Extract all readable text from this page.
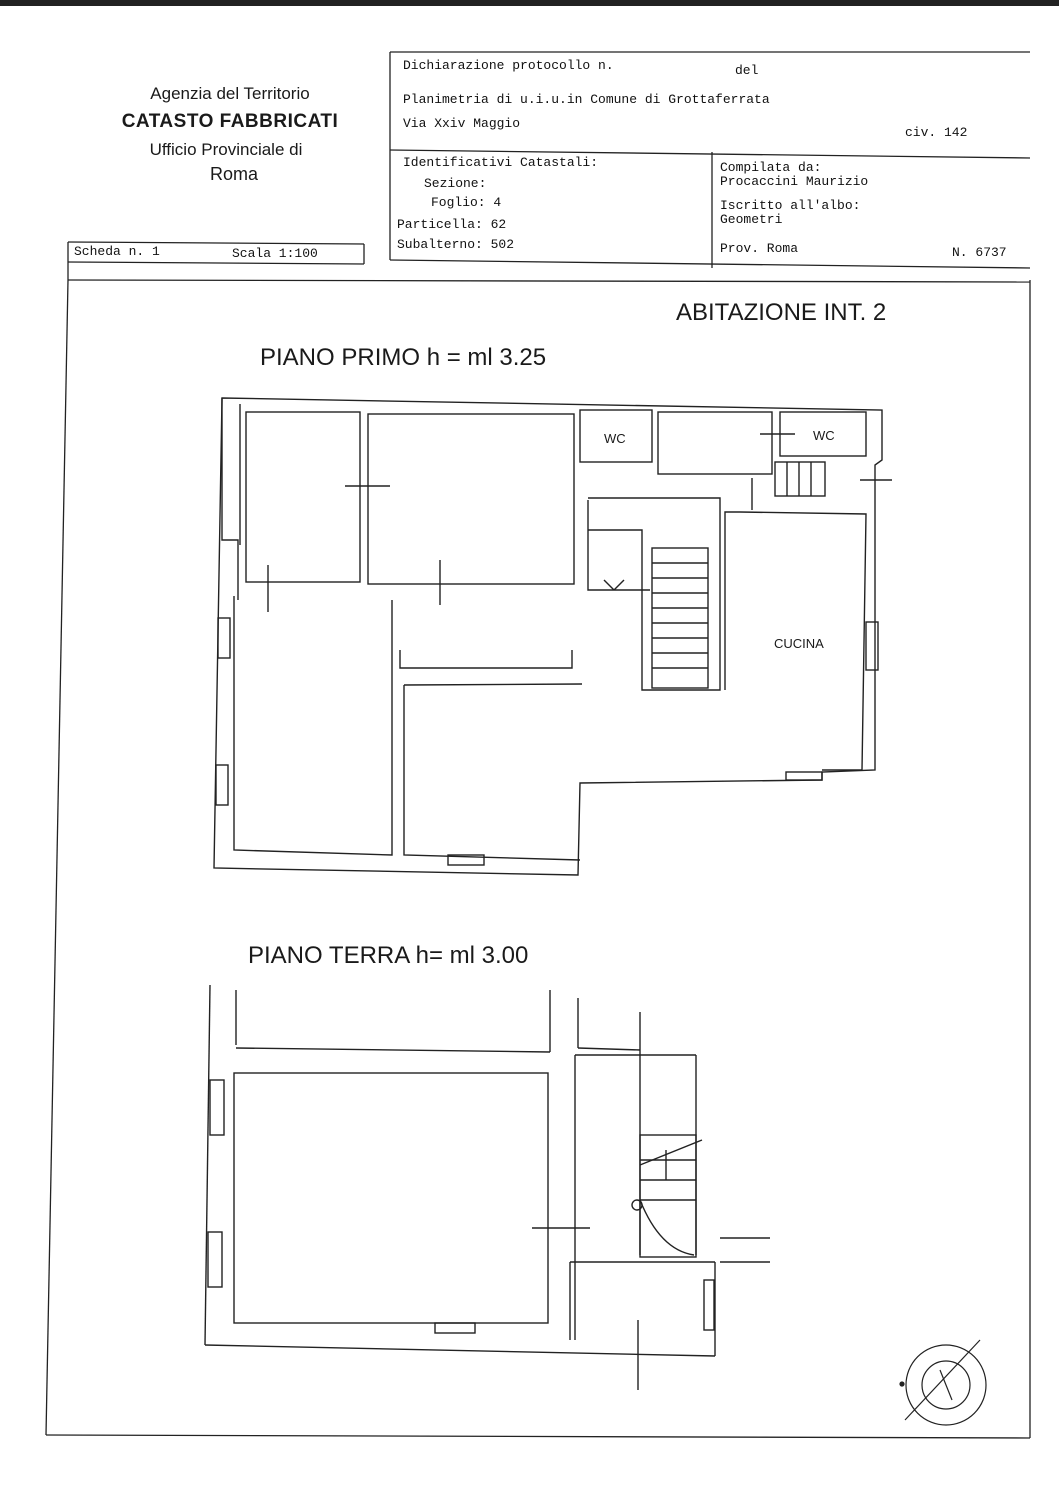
Agenzia del Territorio
CATASTO FABBRICATI
Ufficio Provinciale di
Roma
Dichiarazione protocollo n.	del
Planimetria di u.i.u.in Comune di Grottaferrata
Via Xxiv Maggio
civ. 142
Identificativi Catastali:
Sezione:
Foglio: 4
Particella: 62
Subalterno: 502
Compilata da:
Procaccini Maurizio
Iscritto all'albo:
Geometri
Prov. Roma	N. 6737
Scheda n. 1	Scala 1:100
ABITAZIONE INT. 2
PIANO PRIMO h = ml 3.25
PIANO TERRA h= ml 3.00
WC	WC
CUCINA
